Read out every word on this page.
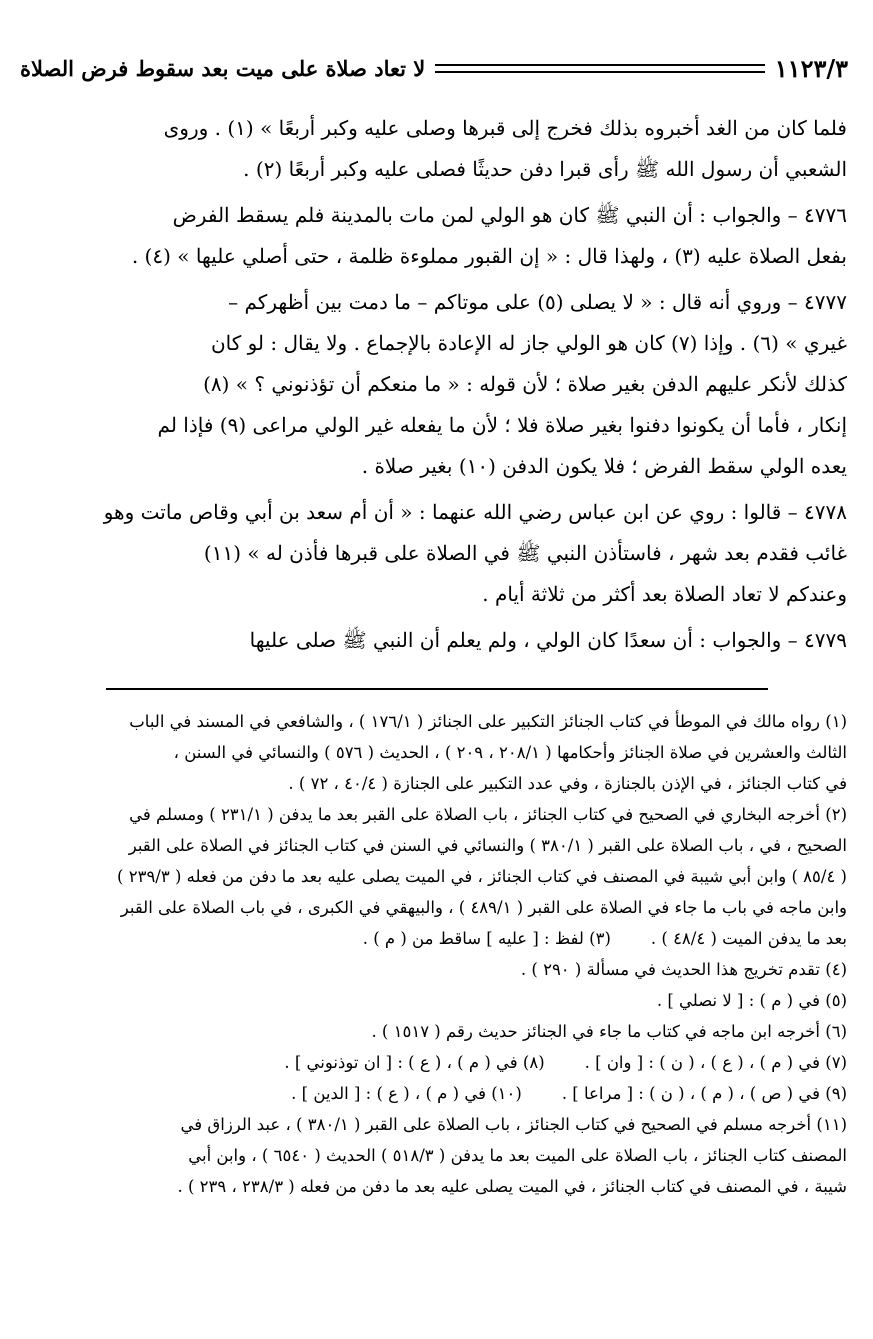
لا تعاد صلاة على ميت بعد سقوط فرض الصلاة	١١٢٣/٣

فلما كان من الغد أخبروه بذلك فخرج إلى قبرها وصلى عليه وكبر أربعًا » (١) . وروى
الشعبي أن رسول الله ﷺ رأى قبرا دفن حديثًا فصلى عليه وكبر أربعًا (٢) .

٤٧٧٦ – والجواب : أن النبي ﷺ كان هو الولي لمن مات بالمدينة فلم يسقط الفرض
بفعل الصلاة عليه (٣) ، ولهذا قال : « إن القبور مملوءة ظلمة ، حتى أصلي عليها » (٤) .

٤٧٧٧ – وروي أنه قال : « لا يصلى (٥) على موتاكم – ما دمت بين أظهركم –
غيري » (٦) . وإذا (٧) كان هو الولي جاز له الإعادة بالإجماع . ولا يقال : لو كان
كذلك لأنكر عليهم الدفن بغير صلاة ؛ لأن قوله : « ما منعكم أن تؤذنوني ؟ » (٨)
إنكار ، فأما أن يكونوا دفنوا بغير صلاة فلا ؛ لأن ما يفعله غير الولي مراعى (٩) فإذا لم
يعده الولي سقط الفرض ؛ فلا يكون الدفن (١٠) بغير صلاة .

٤٧٧٨ – قالوا : روي عن ابن عباس رضي الله عنهما : « أن أم سعد بن أبي وقاص ماتت وهو
غائب فقدم بعد شهر ، فاستأذن النبي ﷺ في الصلاة على قبرها فأذن له » (١١)
وعندكم لا تعاد الصلاة بعد أكثر من ثلاثة أيام .

٤٧٧٩ – والجواب : أن سعدًا كان الولي ، ولم يعلم أن النبي ﷺ صلى عليها

(١) رواه مالك في الموطأ في كتاب الجنائز التكبير على الجنائز ( ١٧٦/١ ) ، والشافعي في المسند في الباب
الثالث والعشرين في صلاة الجنائز وأحكامها ( ٢٠٨/١ ، ٢٠٩ ) ، الحديث ( ٥٧٦ ) والنسائي في السنن ،
في كتاب الجنائز ، في الإذن بالجنازة ، وفي عدد التكبير على الجنازة ( ٤٠/٤ ، ٧٢ ) .
(٢) أخرجه البخاري في الصحيح في كتاب الجنائز ، باب الصلاة على القبر بعد ما يدفن ( ٢٣١/١ ) ومسلم في
الصحيح ، في ، باب الصلاة على القبر ( ٣٨٠/١ ) والنسائي في السنن في كتاب الجنائز في الصلاة على القبر
( ٨٥/٤ ) وابن أبي شيبة في المصنف في كتاب الجنائز ، في الميت يصلى عليه بعد ما دفن من فعله ( ٢٣٩/٣ )
وابن ماجه في باب ما جاء في الصلاة على القبر ( ٤٨٩/١ ) ، والبيهقي في الكبرى ، في باب الصلاة على القبر
بعد ما يدفن الميت ( ٤٨/٤ ) .
(٣) لفظ : [ عليه ] ساقط من ( م ) .
(٤) تقدم تخريج هذا الحديث في مسألة ( ٢٩٠ ) .
(٥) في ( م ) : [ لا نصلي ] .
(٦) أخرجه ابن ماجه في كتاب ما جاء في الجنائز حديث رقم ( ١٥١٧ ) .
(٧) في ( م ) ، ( ع ) ، ( ن ) : [ وان ] .
(٨) في ( م ) ، ( ع ) : [ ان توذنوني ] .
(٩) في ( ص ) ، ( م ) ، ( ن ) : [ مراعا ] .
(١٠) في ( م ) ، ( ع ) : [ الدين ] .
(١١) أخرجه مسلم في الصحيح في كتاب الجنائز ، باب الصلاة على القبر ( ٣٨٠/١ ) ، عبد الرزاق في
المصنف كتاب الجنائز ، باب الصلاة على الميت بعد ما يدفن ( ٥١٨/٣ ) الحديث ( ٦٥٤٠ ) ، وابن أبي
شيبة ، في المصنف في كتاب الجنائز ، في الميت يصلى عليه بعد ما دفن من فعله ( ٢٣٨/٣ ، ٢٣٩ ) .
